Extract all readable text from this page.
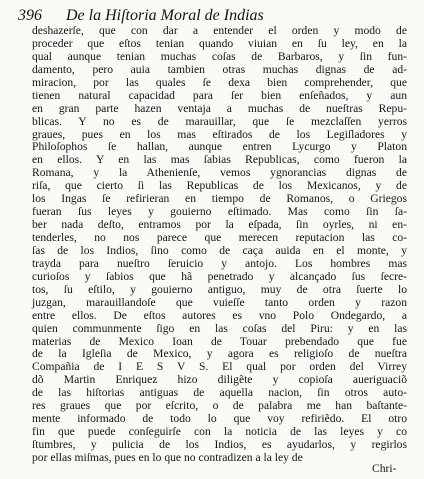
396 De la Hiſtoria Moral de Indias
deshazerſe, que con dar a entender el orden y modo de
proceder que eſtos tenian quando viuian en ſu ley, en la
qual aunque tenian muchas coſas de Barbaros, y ſin fun-
damento, pero auia tambien otras muchas dignas de ad-
miracion, por las quales ſe dexa bien comprehender, que
tienen natural capacidad para ſer bien enſeñados, y aun
en gran parte hazen ventaja a muchas de nueſtras Repu-
blicas. Y no es de marauillar, que ſe mezclaſſen yerros
graues, pues en los mas eſtirados de los Legiſladores y
Philoſophos ſe hallan, aunque entren Lycurgo y Platon
en ellos. Y en las mas ſabias Republicas, como fueron la
Romana, y la Athenienſe, vemos ygnorancias dignas de
riſa, que cierto ſi las Republicas de los Mexicanos, y de
los Ingas ſe refirieran en tiempo de Romanos, o Griegos
fueran ſus leyes y gouierno eſtimado. Mas como ſin ſa-
ber nada deſto, entramos por la eſpada, ſin oyrles, ni en-
tenderles, no nos parece que merecen reputacion las co-
ſas de los Indios, ſino como de caça auida en el monte, y
trayda para nueſtro ſeruicio y antojo. Los hombres mas
curioſos y ſabios que hã penetrado y alcançado ſus ſecre-
tos, ſu eſtilo, y gouierno antiguo, muy de otra ſuerte lo
juzgan, marauillandoſe que vuieſſe tanto orden y razon
entre ellos. De eſtos autores es vno Polo Ondegardo, a
quien communmente ſigo en las coſas del Piru: y en las
materias de Mexico Ioan de Touar prebendado que fue
de la Igleſia de Mexico, y agora es religioſo de nueſtra
Compañia de I E S V S. El qual por orden del Virrey
dõ Martin Enriquez hizo diligẽte y copioſa aueriguaciõ
de las hiſtorias antiguas de aquella nacion, ſin otros auto-
res graues que por eſcrito, o de palabra me han baſtante-
mente informado de todo lo que voy refiriẽdo. El otro
fin que puede conſeguirſe con la noticia de las leyes y co
ſtumbres, y pulicia de los Indios, es ayudarlos, y regirlos
por ellas miſmas, pues en lo que no contradizen a la ley de
Chri-
